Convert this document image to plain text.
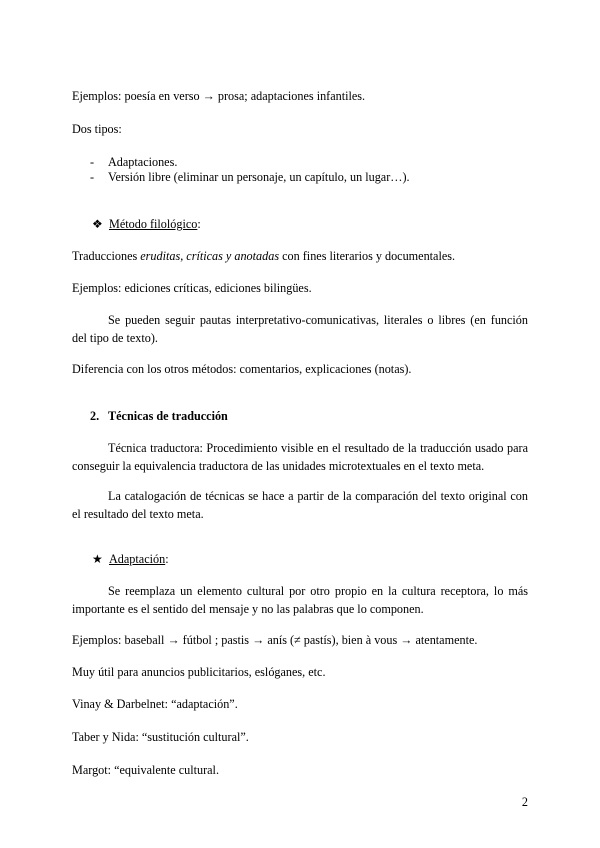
Ejemplos: poesía en verso → prosa; adaptaciones infantiles.

Dos tipos:

- Adaptaciones.
- Versión libre (eliminar un personaje, un capítulo, un lugar…).
❖ Método filológico:

Traducciones eruditas, críticas y anotadas con fines literarios y documentales.

Ejemplos: ediciones críticas, ediciones bilingües.

Se pueden seguir pautas interpretativo-comunicativas, literales o libres (en función del tipo de texto).

Diferencia con los otros métodos: comentarios, explicaciones (notas).

2. Técnicas de traducción

Técnica traductora: Procedimiento visible en el resultado de la traducción usado para conseguir la equivalencia traductora de las unidades microtextuales en el texto meta.

La catalogación de técnicas se hace a partir de la comparación del texto original con el resultado del texto meta.

★ Adaptación:

Se reemplaza un elemento cultural por otro propio en la cultura receptora, lo más importante es el sentido del mensaje y no las palabras que lo componen.

Ejemplos: baseball → fútbol ; pastis → anís (≠ pastís), bien à vous → atentamente.

Muy útil para anuncios publicitarios, eslóganes, etc.

Vinay & Darbelnet: “adaptación”.

Taber y Nida: “sustitución cultural”.

Margot: “equivalente cultural.

2
